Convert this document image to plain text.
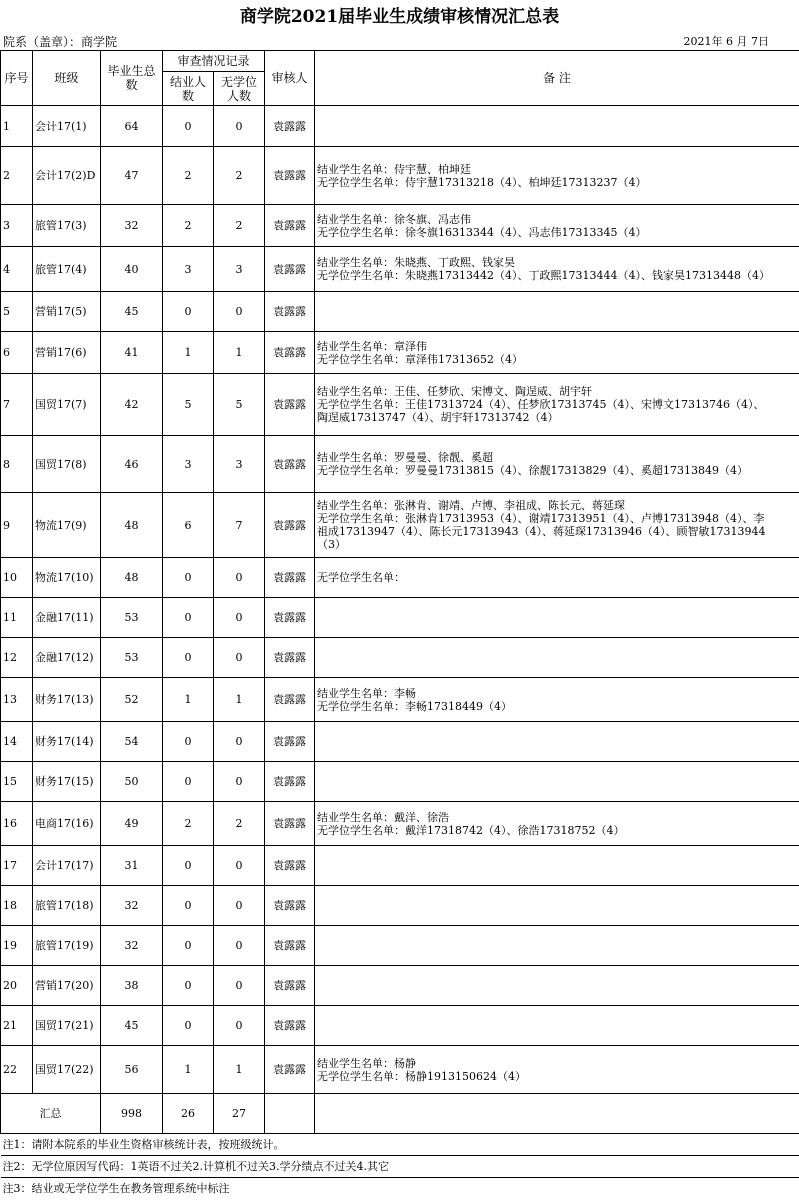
商学院2021届毕业生成绩审核情况汇总表
院系（盖章）：商学院	2021年 6 月 7日
序号	班级	毕业生总数	审查情况记录		审核人	备 注
			结业人数	无学位人数		
1	会计17(1)	64	0	0	袁露露	
2	会计17(2)D	47	2	2	袁露露	结业学生名单：侍宇慧、柏坤廷
无学位学生名单：侍宇慧17313218（4）、柏坤廷17313237（4）

3	旅管17(3)	32	2	2	袁露露	结业学生名单：徐冬旗、冯志伟
无学位学生名单：徐冬旗16313344（4）、冯志伟17313345（4）

4	旅管17(4)	40	3	3	袁露露	结业学生名单：朱晓燕、丁政熙、钱家昊
无学位学生名单：朱晓燕17313442（4）、丁政熙17313444（4）、钱家昊17313448（4）

5	营销17(5)	45	0	0	袁露露	
6	营销17(6)	41	1	1	袁露露	结业学生名单：章泽伟
无学位学生名单：章泽伟17313652（4）

7	国贸17(7)	42	5	5	袁露露	结业学生名单：王佳、任梦欣、宋博文、陶逞威、胡宇轩
无学位学生名单：王佳17313724（4）、任梦欣17313745（4）、宋博文17313746（4）、
陶逞威17313747（4）、胡宇轩17313742（4）

8	国贸17(8)	46	3	3	袁露露	结业学生名单：罗曼曼、徐靓、奚超
无学位学生名单：罗曼曼17313815（4）、徐靓17313829（4）、奚超17313849（4）

9	物流17(9)	48	6	7	袁露露	结业学生名单：张淋肯、谢靖、卢博、李祖成、陈长元、蒋延琛
无学位学生名单：张淋肯17313953（4）、谢靖17313951（4）、卢博17313948（4）、李
祖成17313947（4）、陈长元17313943（4）、蒋延琛17313946（4）、顾智敏17313944
（3）

10	物流17(10)	48	0	0	袁露露	无学位学生名单：

11	金融17(11)	53	0	0	袁露露	
12	金融17(12)	53	0	0	袁露露	
13	财务17(13)	52	1	1	袁露露	结业学生名单：李畅
无学位学生名单：李畅17318449（4）

14	财务17(14)	54	0	0	袁露露	
15	财务17(15)	50	0	0	袁露露	
16	电商17(16)	49	2	2	袁露露	结业学生名单：戴洋、徐浩
无学位学生名单：戴洋17318742（4）、徐浩17318752（4）

17	会计17(17)	31	0	0	袁露露	
18	旅管17(18)	32	0	0	袁露露	
19	旅管17(19)	32	0	0	袁露露	
20	营销17(20)	38	0	0	袁露露	
21	国贸17(21)	45	0	0	袁露露	
22	国贸17(22)	56	1	1	袁露露	结业学生名单：杨静
无学位学生名单：杨静1913150624（4）

汇总		998	26	27		
注1：请附本院系的毕业生资格审核统计表，按班级统计。						
注2：无学位原因写代码：1英语不过关2.计算机不过关3.学分绩点不过关4.其它						
注3：结业或无学位学生在教务管理系统中标注						
